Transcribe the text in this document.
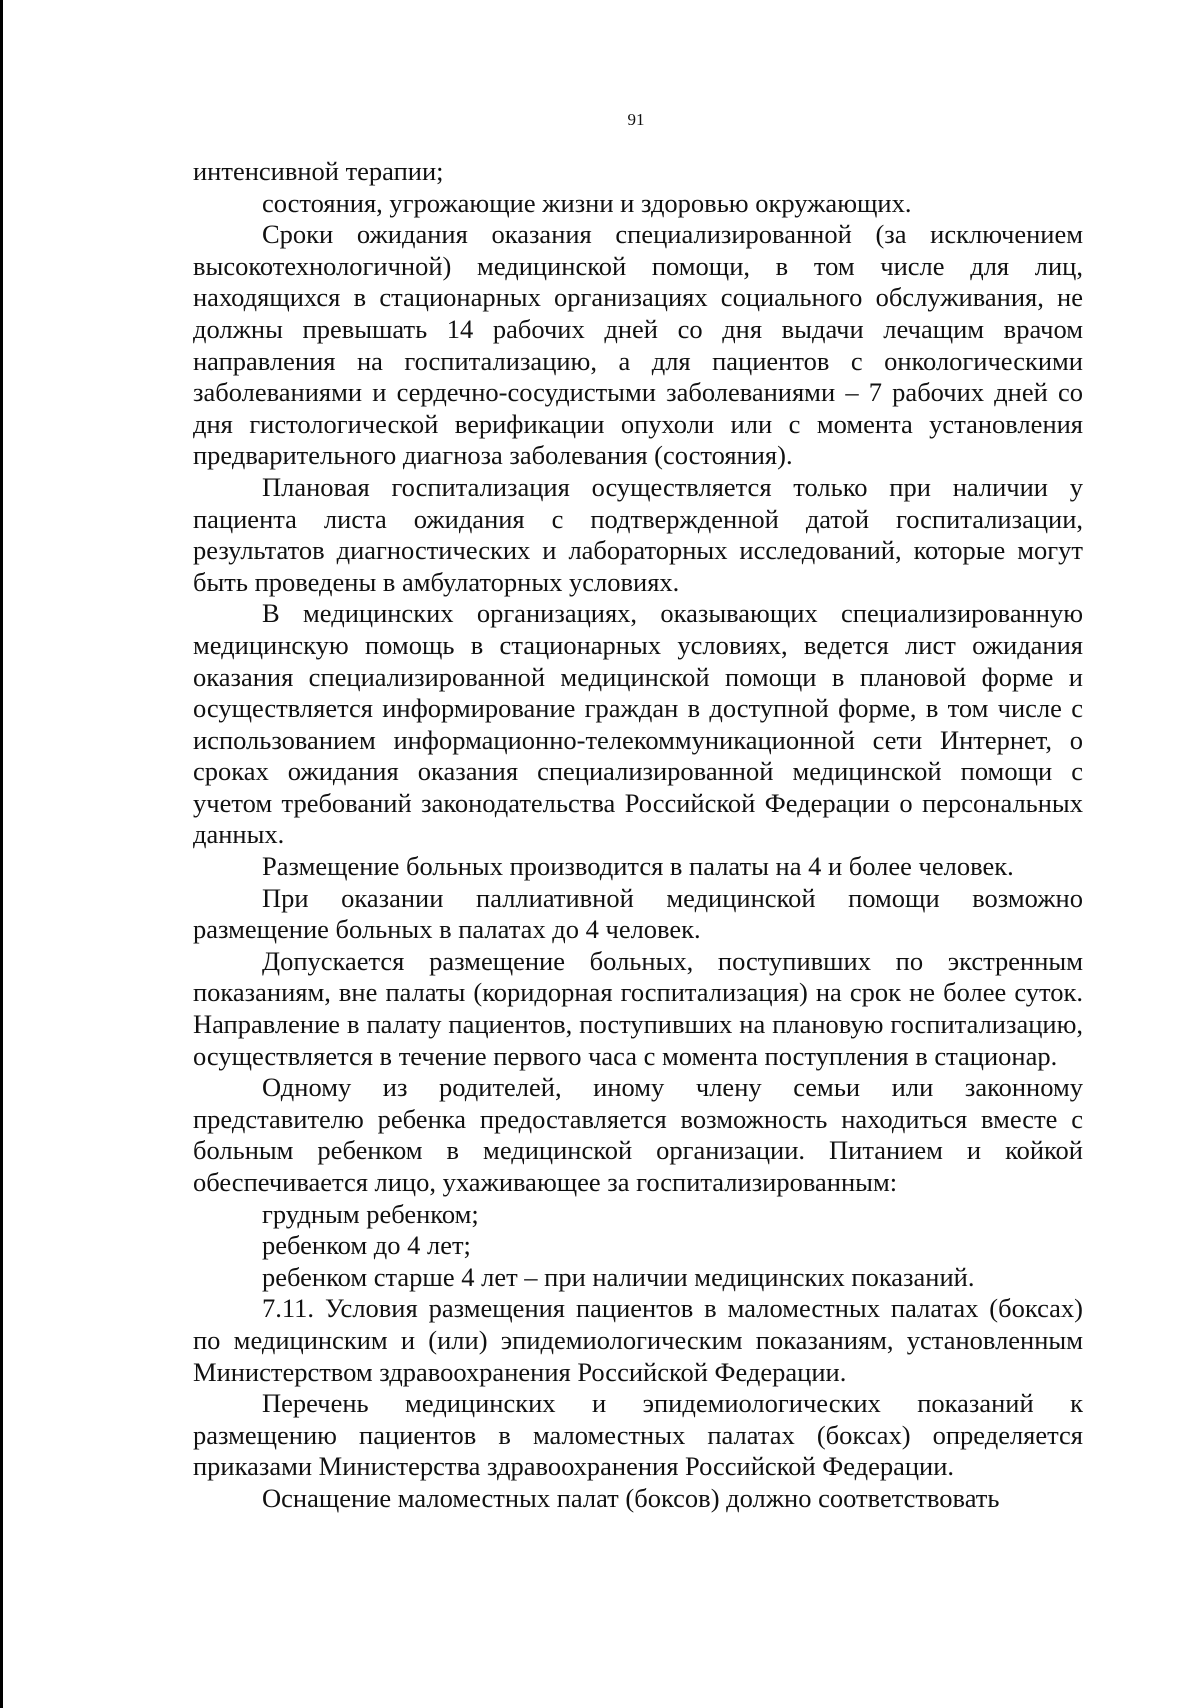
91

интенсивной терапии;

состояния, угрожающие жизни и здоровью окружающих.

Сроки ожидания оказания специализированной (за исключением высокотехнологичной) медицинской помощи, в том числе для лиц, находящихся в стационарных организациях социального обслуживания, не должны превышать 14 рабочих дней со дня выдачи лечащим врачом направления на госпитализацию, а для пациентов с онкологическими заболеваниями и сердечно-сосудистыми заболеваниями – 7 рабочих дней со дня гистологической верификации опухоли или с момента установления предварительного диагноза заболевания (состояния).

Плановая госпитализация осуществляется только при наличии у пациента листа ожидания с подтвержденной датой госпитализации, результатов диагностических и лабораторных исследований, которые могут быть проведены в амбулаторных условиях.

В медицинских организациях, оказывающих специализированную медицинскую помощь в стационарных условиях, ведется лист ожидания оказания специализированной медицинской помощи в плановой форме и осуществляется информирование граждан в доступной форме, в том числе с использованием информационно-телекоммуникационной сети Интернет, о сроках ожидания оказания специализированной медицинской помощи с учетом требований законодательства Российской Федерации о персональных данных.

Размещение больных производится в палаты на 4 и более человек.

При оказании паллиативной медицинской помощи возможно размещение больных в палатах до 4 человек.

Допускается размещение больных, поступивших по экстренным показаниям, вне палаты (коридорная госпитализация) на срок не более суток. Направление в палату пациентов, поступивших на плановую госпитализацию, осуществляется в течение первого часа с момента поступления в стационар.

Одному из родителей, иному члену семьи или законному представителю ребенка предоставляется возможность находиться вместе с больным ребенком в медицинской организации. Питанием и койкой обеспечивается лицо, ухаживающее за госпитализированным:

грудным ребенком;

ребенком до 4 лет;

ребенком старше 4 лет – при наличии медицинских показаний.

7.11. Условия размещения пациентов в маломестных палатах (боксах) по медицинским и (или) эпидемиологическим показаниям, установленным Министерством здравоохранения Российской Федерации.

Перечень медицинских и эпидемиологических показаний к размещению пациентов в маломестных палатах (боксах) определяется приказами Министерства здравоохранения Российской Федерации.

Оснащение маломестных палат (боксов) должно соответствовать
